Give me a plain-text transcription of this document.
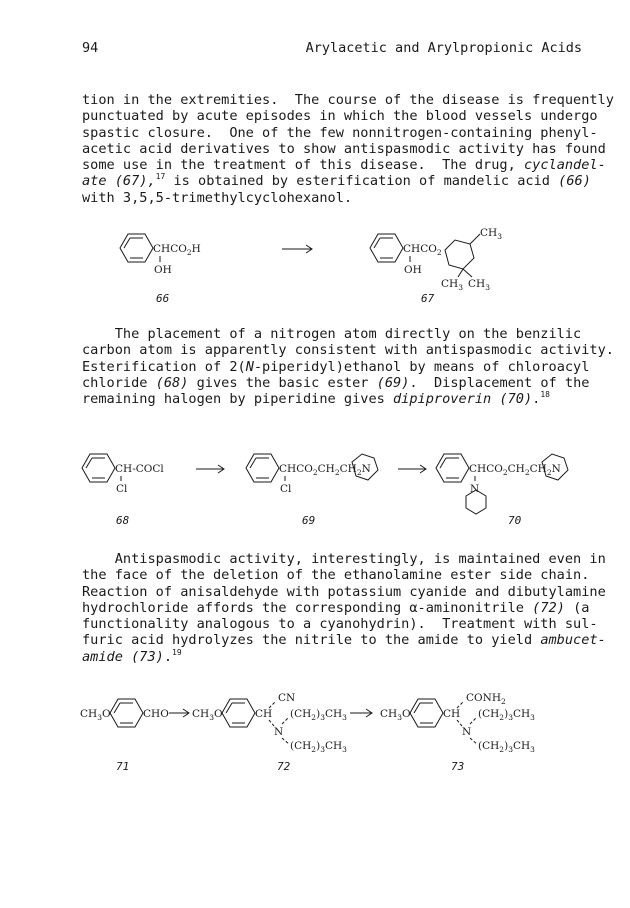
94	Arylacetic and Arylpropionic Acids
tion in the extremities.  The course of the disease is frequently
punctuated by acute episodes in which the blood vessels undergo
spastic closure.  One of the few nonnitrogen-containing phenyl-
acetic acid derivatives to show antispasmodic activity has found
some use in the treatment of this disease.  The drug, cyclandel-
ate (67),$^{17}$ is obtained by esterification of mandelic acid (66)
with 3,5,5-trimethylcyclohexanol.
$CHCO_2H$
OH
66
$CHCO_2$
OH
$CH_3$
$CH_3$ $CH_3$
67
The placement of a nitrogen atom directly on the benzilic
carbon atom is apparently consistent with antispasmodic activity.
Esterification of 2(N-piperidyl)ethanol by means of chloroacyl
chloride (68) gives the basic ester (69).  Displacement of the
remaining halogen by piperidine gives dipiproverin (70).$^{18}$
CH-COCl
Cl
68
$CHCO_2CH_2CH_2N$
Cl
69
$CHCO_2CH_2CH_2N$
N
70
Antispasmodic activity, interestingly, is maintained even in
the face of the deletion of the ethanolamine ester side chain.
Reaction of anisaldehyde with potassium cyanide and dibutylamine
hydrochloride affords the corresponding α-aminonitrile (72) (a
functionality analogous to a cyanohydrin).  Treatment with sul-
furic acid hydrolyzes the nitrile to the amide to yield ambucet-
amide (73).$^{19}$
$CH_3O$	CHO
71
$CH_3O$	CH
CN
N
$(CH_2)_3CH_3$
$(CH_2)_3CH_3$
72
$CH_3O$	CH
$CONH_2$
N
$(CH_2)_3CH_3$
$(CH_2)_3CH_3$
73
